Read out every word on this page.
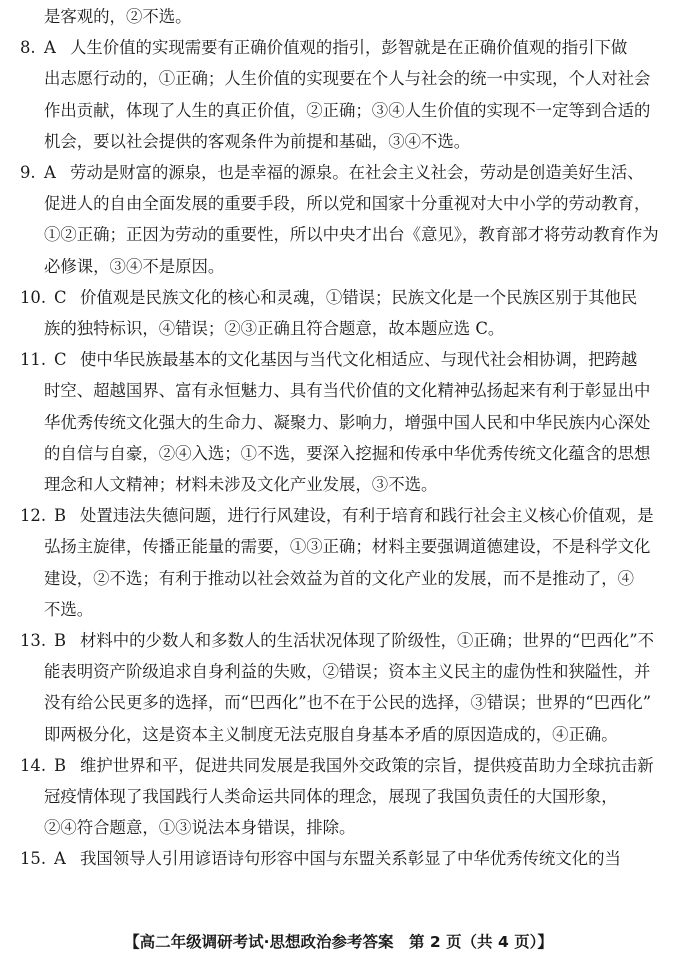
是客观的，②不选。
8. A 人生价值的实现需要有正确价值观的指引，彭智就是在正确价值观的指引下做
出志愿行动的，①正确；人生价值的实现要在个人与社会的统一中实现，个人对社会
作出贡献，体现了人生的真正价值，②正确；③④人生价值的实现不一定等到合适的
机会，要以社会提供的客观条件为前提和基础，③④不选。
9. A 劳动是财富的源泉，也是幸福的源泉。在社会主义社会，劳动是创造美好生活、
促进人的自由全面发展的重要手段，所以党和国家十分重视对大中小学的劳动教育，
①②正确；正因为劳动的重要性，所以中央才出台《意见》，教育部才将劳动教育作为
必修课，③④不是原因。
10. C 价值观是民族文化的核心和灵魂，①错误；民族文化是一个民族区别于其他民
族的独特标识，④错误；②③正确且符合题意，故本题应选 C。
11. C 使中华民族最基本的文化基因与当代文化相适应、与现代社会相协调，把跨越
时空、超越国界、富有永恒魅力、具有当代价值的文化精神弘扬起来有利于彰显出中
华优秀传统文化强大的生命力、凝聚力、影响力，增强中国人民和中华民族内心深处
的自信与自豪，②④入选；①不选，要深入挖掘和传承中华优秀传统文化蕴含的思想
理念和人文精神；材料未涉及文化产业发展，③不选。
12. B 处置违法失德问题，进行行风建设，有利于培育和践行社会主义核心价值观，是
弘扬主旋律，传播正能量的需要，①③正确；材料主要强调道德建设，不是科学文化
建设，②不选；有利于推动以社会效益为首的文化产业的发展，而不是推动了，④
不选。
13. B 材料中的少数人和多数人的生活状况体现了阶级性，①正确；世界的“巴西化”不
能表明资产阶级追求自身利益的失败，②错误；资本主义民主的虚伪性和狭隘性，并
没有给公民更多的选择，而“巴西化”也不在于公民的选择，③错误；世界的“巴西化”
即两极分化，这是资本主义制度无法克服自身基本矛盾的原因造成的，④正确。
14. B 维护世界和平，促进共同发展是我国外交政策的宗旨，提供疫苗助力全球抗击新
冠疫情体现了我国践行人类命运共同体的理念，展现了我国负责任的大国形象，
②④符合题意，①③说法本身错误，排除。
15. A 我国领导人引用谚语诗句形容中国与东盟关系彰显了中华优秀传统文化的当
【高二年级调研考试·思想政治参考答案　第 2 页（共 4 页）】
